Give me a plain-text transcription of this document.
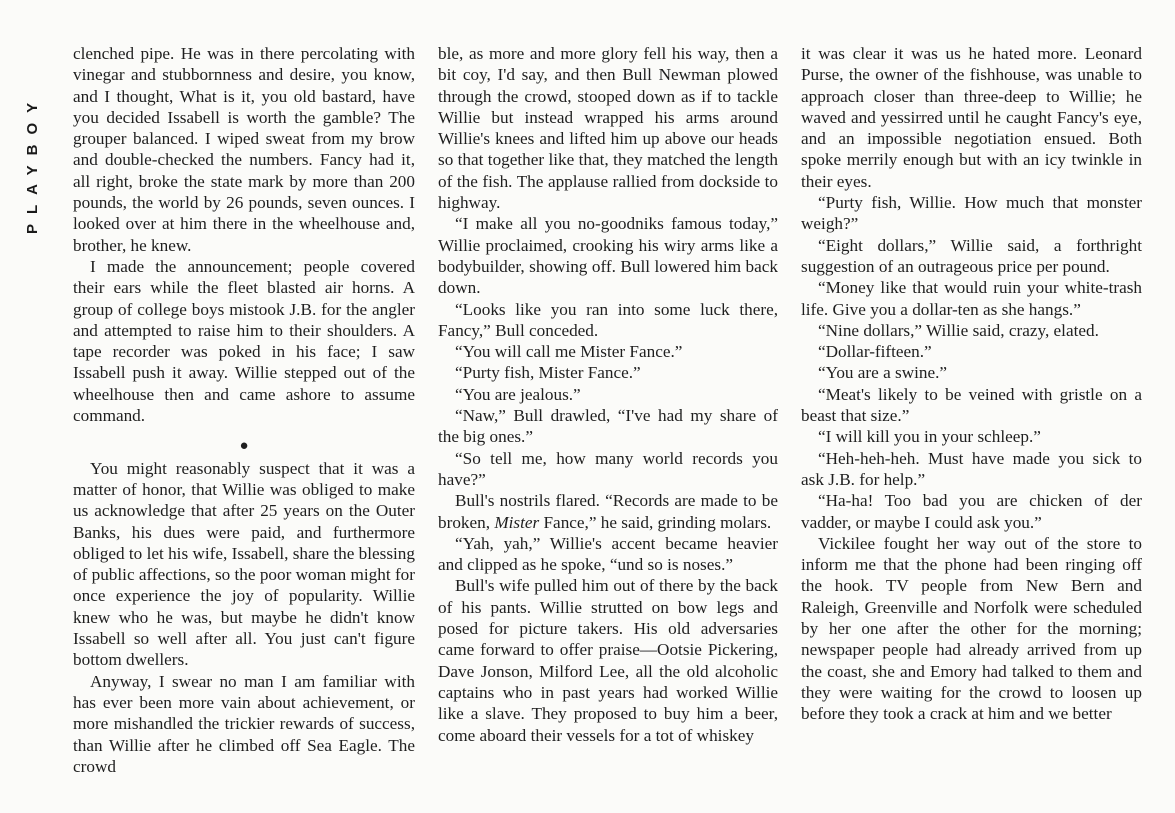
PLAYBOY

clenched pipe. He was in there percolating with vinegar and stubbornness and desire, you know, and I thought, What is it, you old bastard, have you decided Issabell is worth the gamble? The grouper balanced. I wiped sweat from my brow and double-checked the numbers. Fancy had it, all right, broke the state mark by more than 200 pounds, the world by 26 pounds, seven ounces. I looked over at him there in the wheelhouse and, brother, he knew.

I made the announcement; people covered their ears while the fleet blasted air horns. A group of college boys mistook J.B. for the angler and attempted to raise him to their shoulders. A tape recorder was poked in his face; I saw Issabell push it away. Willie stepped out of the wheelhouse then and came ashore to assume command.

●

You might reasonably suspect that it was a matter of honor, that Willie was obliged to make us acknowledge that after 25 years on the Outer Banks, his dues were paid, and furthermore obliged to let his wife, Issabell, share the blessing of public affections, so the poor woman might for once experience the joy of popularity. Willie knew who he was, but maybe he didn't know Issabell so well after all. You just can't figure bottom dwellers.

Anyway, I swear no man I am familiar with has ever been more vain about achievement, or more mishandled the trickier rewards of success, than Willie after he climbed off Sea Eagle. The crowd

ble, as more and more glory fell his way, then a bit coy, I'd say, and then Bull Newman plowed through the crowd, stooped down as if to tackle Willie but instead wrapped his arms around Willie's knees and lifted him up above our heads so that together like that, they matched the length of the fish. The applause rallied from dockside to highway.

“I make all you no-goodniks famous today,” Willie proclaimed, crooking his wiry arms like a bodybuilder, showing off. Bull lowered him back down.

“Looks like you ran into some luck there, Fancy,” Bull conceded.

“You will call me Mister Fance.”

“Purty fish, Mister Fance.”

“You are jealous.”

“Naw,” Bull drawled, “I've had my share of the big ones.”

“So tell me, how many world records you have?”

Bull's nostrils flared. “Records are made to be broken, Mister Fance,” he said, grinding molars.

“Yah, yah,” Willie's accent became heavier and clipped as he spoke, “und so is noses.”

Bull's wife pulled him out of there by the back of his pants. Willie strutted on bow legs and posed for picture takers. His old adversaries came forward to offer praise—Ootsie Pickering, Dave Jonson, Milford Lee, all the old alcoholic captains who in past years had worked Willie like a slave. They proposed to buy him a beer, come aboard their vessels for a tot of whiskey

it was clear it was us he hated more. Leonard Purse, the owner of the fishhouse, was unable to approach closer than three-deep to Willie; he waved and yessirred until he caught Fancy's eye, and an impossible negotiation ensued. Both spoke merrily enough but with an icy twinkle in their eyes.

“Purty fish, Willie. How much that monster weigh?”

“Eight dollars,” Willie said, a forthright suggestion of an outrageous price per pound.

“Money like that would ruin your white-trash life. Give you a dollar-ten as she hangs.”

“Nine dollars,” Willie said, crazy, elated.

“Dollar-fifteen.”

“You are a swine.”

“Meat's likely to be veined with gristle on a beast that size.”

“I will kill you in your schleep.”

“Heh-heh-heh. Must have made you sick to ask J.B. for help.”

“Ha-ha! Too bad you are chicken of der vadder, or maybe I could ask you.”

Vickilee fought her way out of the store to inform me that the phone had been ringing off the hook. TV people from New Bern and Raleigh, Greenville and Norfolk were scheduled by her one after the other for the morning; newspaper people had already arrived from up the coast, she and Emory had talked to them and they were waiting for the crowd to loosen up before they took a crack at him and we better
